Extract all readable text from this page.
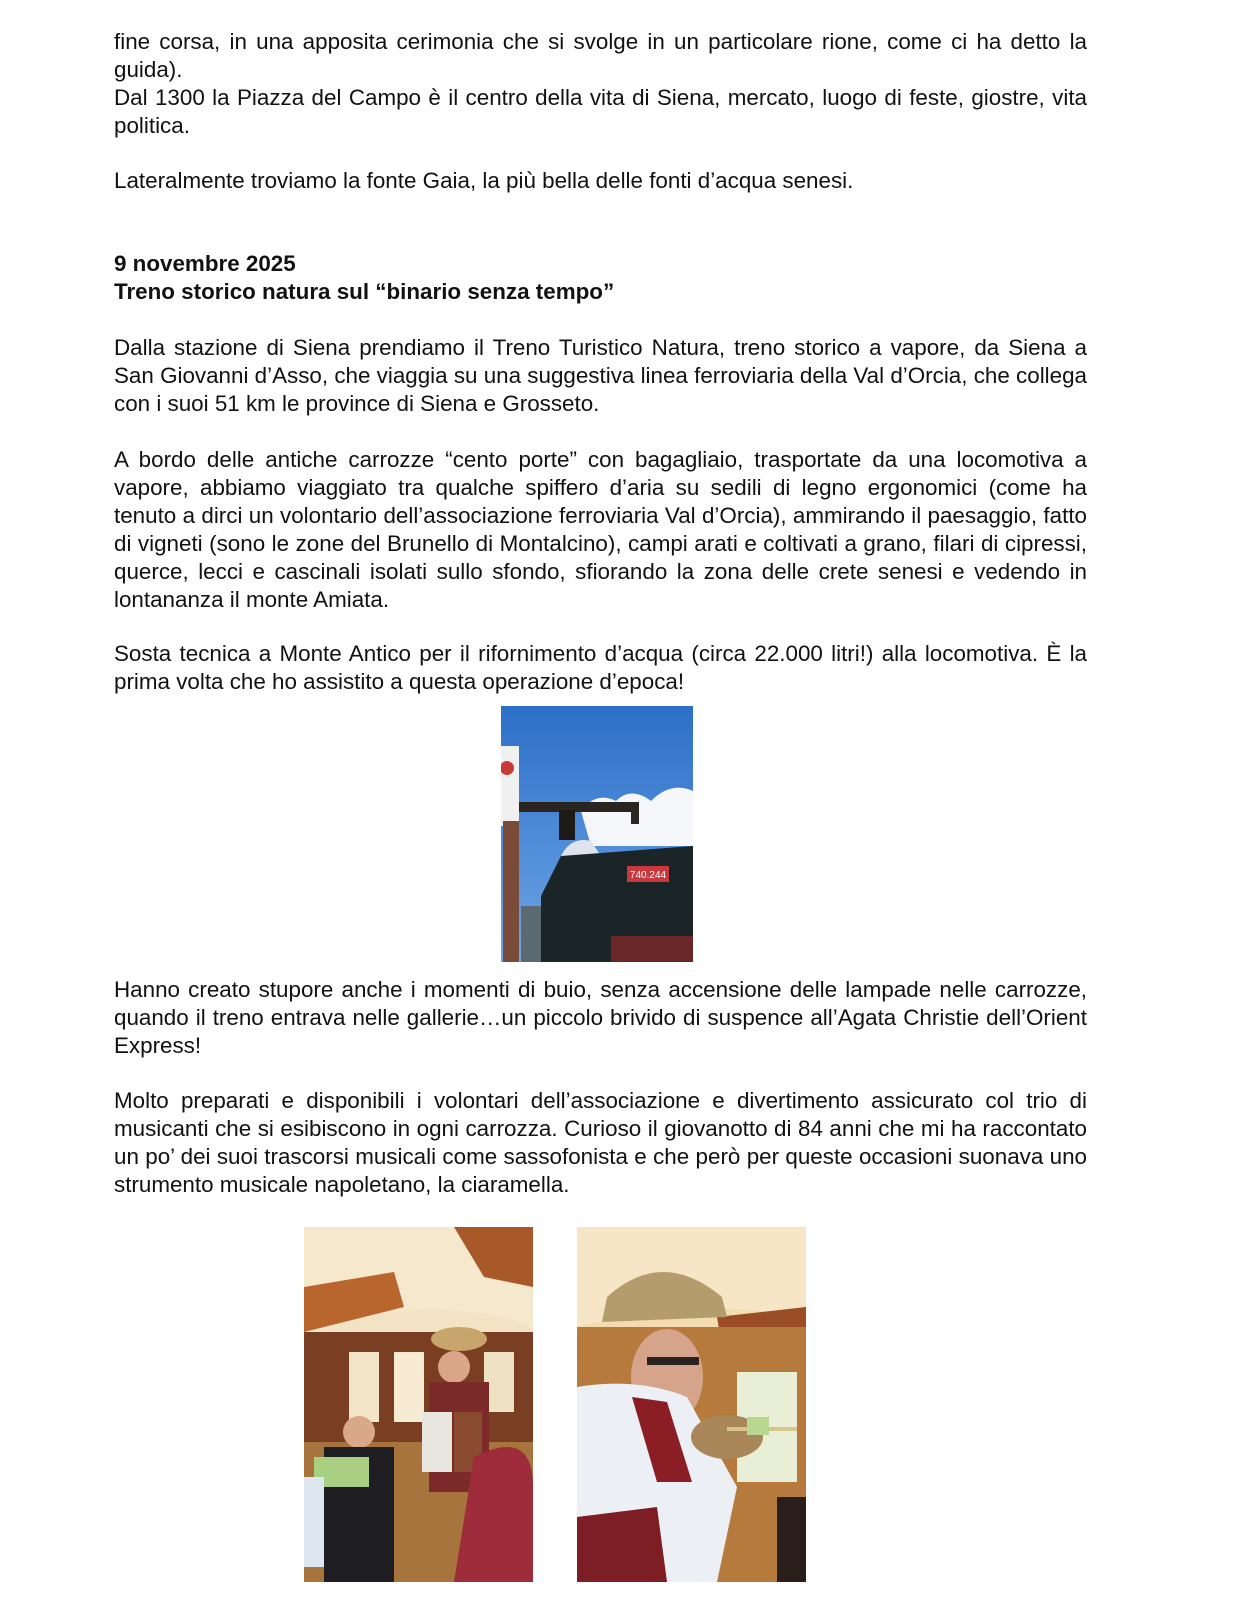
fine corsa, in una apposita cerimonia che si svolge in un particolare rione, come ci ha detto la guida).
Dal 1300 la Piazza del Campo è il centro della vita di Siena, mercato, luogo di feste, giostre, vita politica.

Lateralmente troviamo la fonte Gaia, la più bella delle fonti d’acqua senesi.

9 novembre 2025

Treno storico natura sul “binario senza tempo”

Dalla stazione di Siena prendiamo il Treno Turistico Natura, treno storico a vapore, da Siena a San Giovanni d’Asso, che viaggia su una suggestiva linea ferroviaria della Val d’Orcia, che collega con i suoi 51 km le province di Siena e Grosseto.

A bordo delle antiche carrozze “cento porte” con bagagliaio, trasportate da una locomotiva a vapore, abbiamo viaggiato tra qualche spiffero d’aria su sedili di legno ergonomici (come ha tenuto a dirci un volontario dell’associazione ferroviaria Val d’Orcia), ammirando il paesaggio, fatto di vigneti (sono le zone del Brunello di Montalcino), campi arati e coltivati a grano, filari di cipressi, querce, lecci e cascinali isolati sullo sfondo, sfiorando la zona delle crete senesi e vedendo in lontananza il monte Amiata.

Sosta tecnica a Monte Antico per il rifornimento d’acqua (circa 22.000 litri!) alla locomotiva. È la prima volta che ho assistito a questa operazione d’epoca!

740.244

Hanno creato stupore anche i momenti di buio, senza accensione delle lampade nelle carrozze, quando il treno entrava nelle gallerie…un piccolo brivido di suspence all’Agata Christie dell’Orient Express!

Molto preparati e disponibili i volontari dell’associazione e divertimento assicurato col trio di musicanti che si esibiscono in ogni carrozza. Curioso il giovanotto di 84 anni che mi ha raccontato un po’ dei suoi trascorsi musicali come sassofonista e che però per queste occasioni suonava uno strumento musicale napoletano, la ciaramella.
